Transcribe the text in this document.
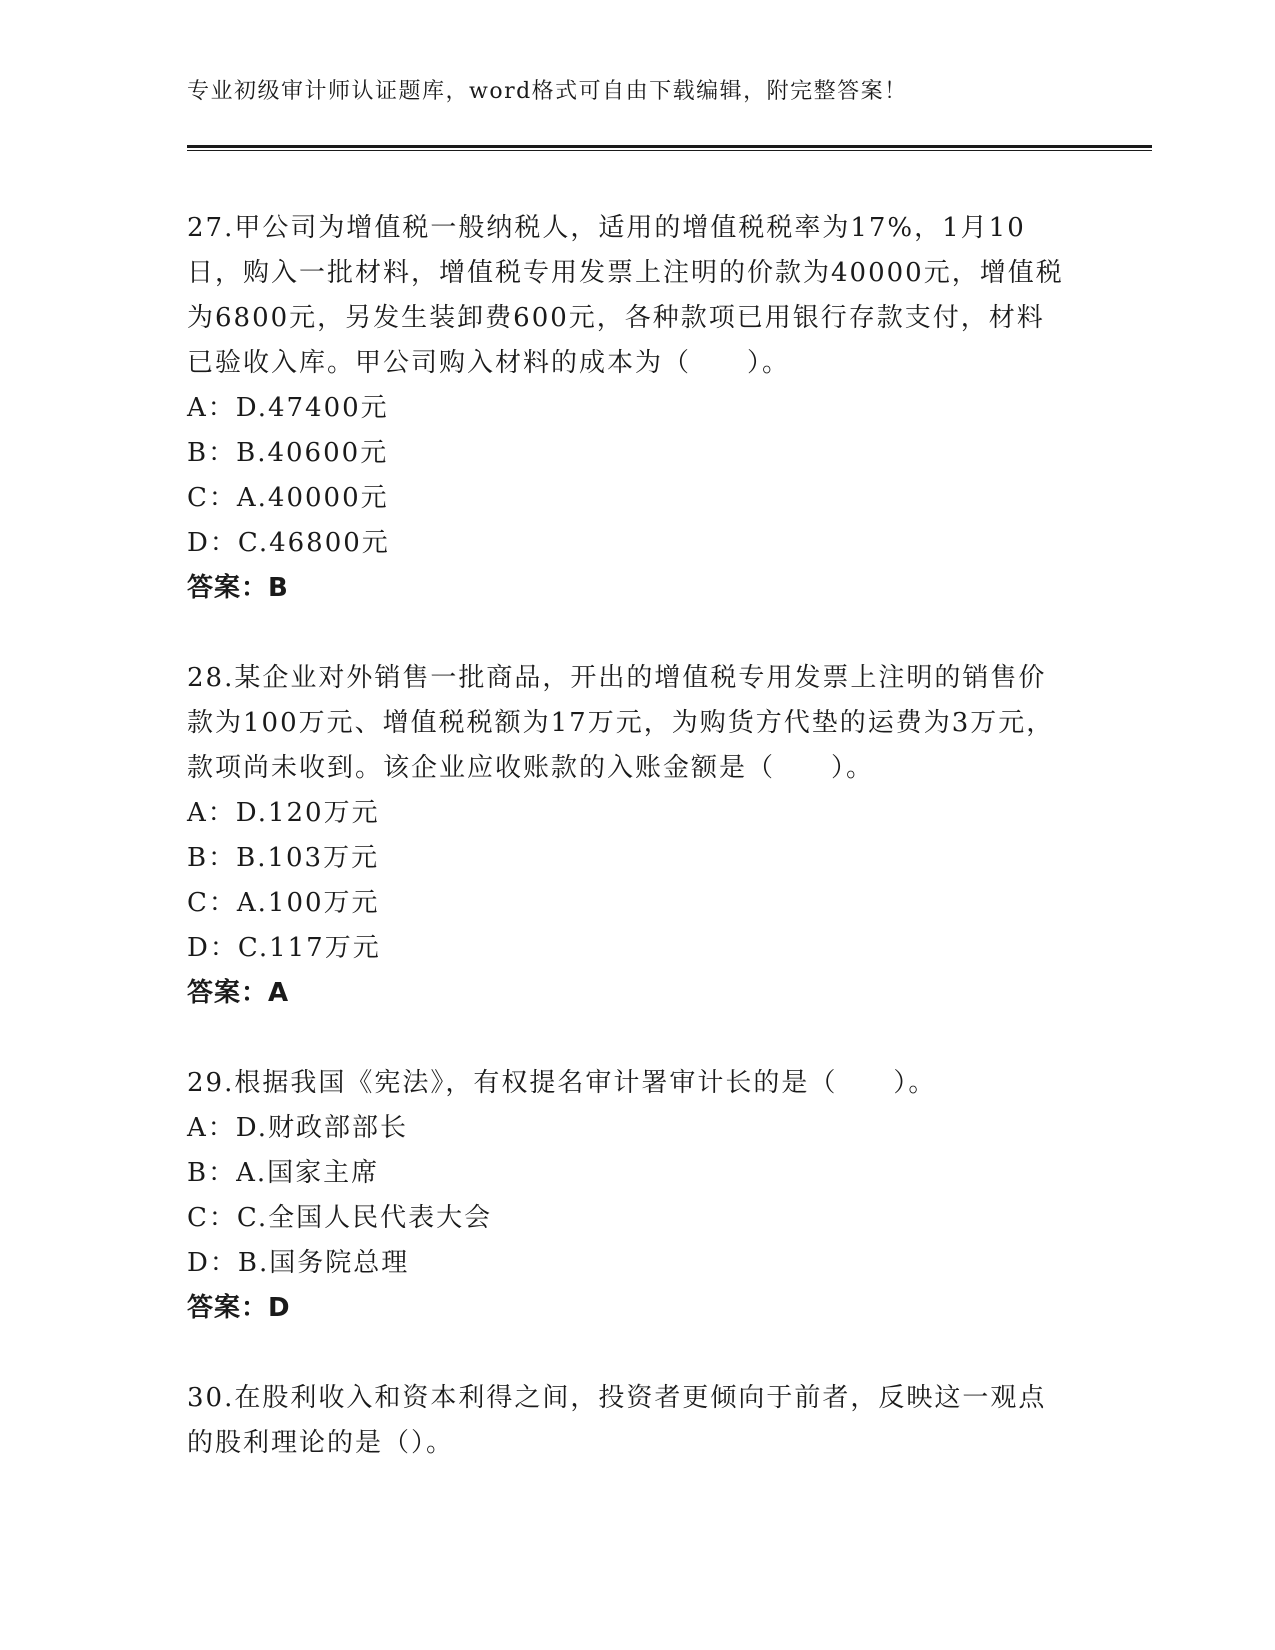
专业初级审计师认证题库，word格式可自由下载编辑，附完整答案！

27.甲公司为增值税一般纳税人，适用的增值税税率为17%，1月10日，购入一批材料，增值税专用发票上注明的价款为40000元，增值税为6800元，另发生装卸费600元，各种款项已用银行存款支付，材料已验收入库。甲公司购入材料的成本为（　　）。

A：D.47400元
B：B.40600元
C：A.40000元
D：C.46800元
答案：B

28.某企业对外销售一批商品，开出的增值税专用发票上注明的销售价款为100万元、增值税税额为17万元，为购货方代垫的运费为3万元，款项尚未收到。该企业应收账款的入账金额是（　　）。

A：D.120万元
B：B.103万元
C：A.100万元
D：C.117万元
答案：A

29.根据我国《宪法》，有权提名审计署审计长的是（　　）。

A：D.财政部部长
B：A.国家主席
C：C.全国人民代表大会
D：B.国务院总理
答案：D

30.在股利收入和资本利得之间，投资者更倾向于前者，反映这一观点的股利理论的是（）。
